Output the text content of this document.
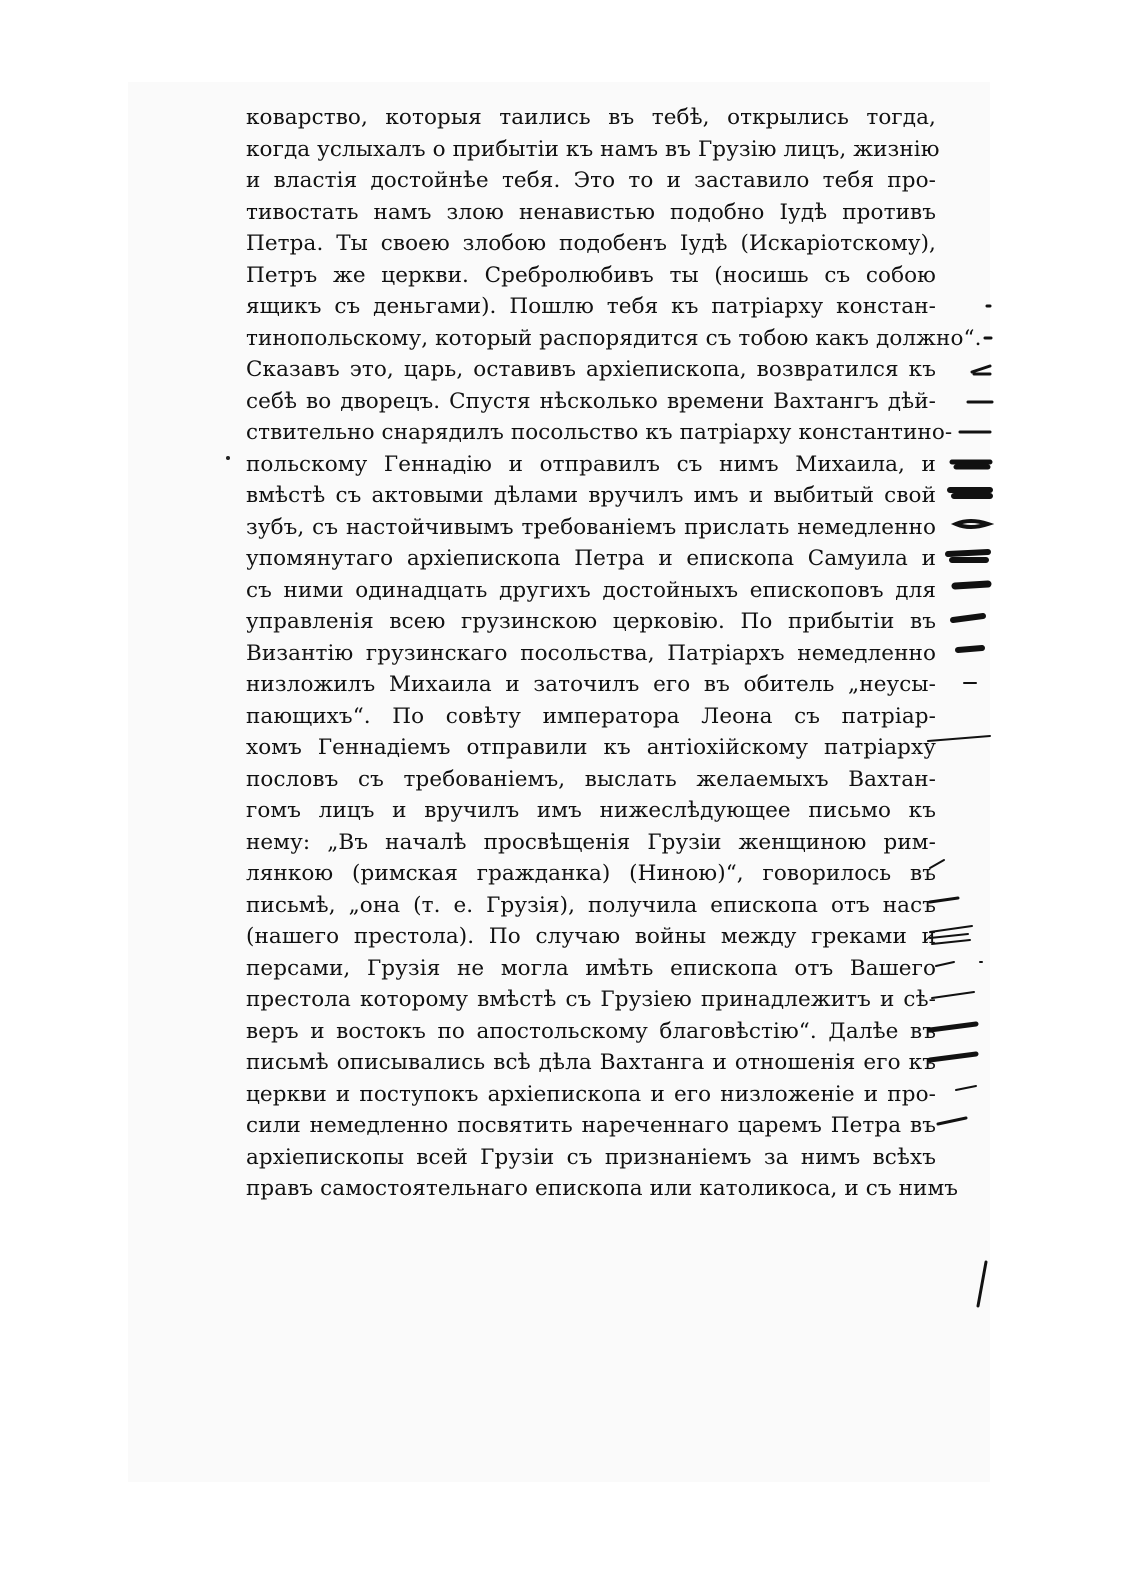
коварство, которыя таились въ тебѣ, открылись тогда,
когда услыхалъ о прибытіи къ намъ въ Грузію лицъ, жизнію
и властія достойнѣе тебя. Это то и заставило тебя про-
тивостать намъ злою ненавистью подобно Іудѣ противъ
Петра. Ты своею злобою подобенъ Іудѣ (Искаріотскому),
Петръ же церкви. Сребролюбивъ ты (носишь съ собою
ящикъ съ деньгами). Пошлю тебя къ патріарху констан-
тинопольскому, который распорядится съ тобою какъ должно“.
Сказавъ это, царь, оставивъ архіепископа, возвратился къ
себѣ во дворецъ. Спустя нѣсколько времени Вахтангъ дѣй-
ствительно снарядилъ посольство къ патріарху константино-
польскому Геннадію и отправилъ съ нимъ Михаила, и
вмѣстѣ съ актовыми дѣлами вручилъ имъ и выбитый свой
зубъ, съ настойчивымъ требованіемъ прислать немедленно
упомянутаго архіепископа Петра и епископа Самуила и
съ ними одинадцать другихъ достойныхъ епископовъ для
управленія всею грузинскою церковію. По прибытіи въ
Византію грузинскаго посольства, Патріархъ немедленно
низложилъ Михаила и заточилъ его въ обитель „неусы-
пающихъ“. По совѣту императора Леона съ патріар-
хомъ Геннадіемъ отправили къ антіохійскому патріарху
пословъ съ требованіемъ, выслать желаемыхъ Вахтан-
гомъ лицъ и вручилъ имъ нижеслѣдующее письмо къ
нему: „Въ началѣ просвѣщенія Грузіи женщиною рим-
лянкою (римская гражданка) (Нинoю)“, говорилось въ
письмѣ, „она (т. е. Грузія), получила епископа отъ насъ
(нашего престола). По случаю войны между греками и
персами, Грузія не могла имѣть епископа отъ Вашего
престола которому вмѣстѣ съ Грузіею принадлежитъ и сѣ-
веръ и востокъ по апостольскому благовѣстію“. Далѣе въ
письмѣ описывались всѣ дѣла Вахтанга и отношенія его къ
церкви и поступокъ архіепископа и его низложеніе и про-
сили немедленно посвятить нареченнаго царемъ Петра въ
архіепископы всей Грузіи съ признаніемъ за нимъ всѣхъ
правъ самостоятельнаго епископа или католикоса, и съ нимъ
